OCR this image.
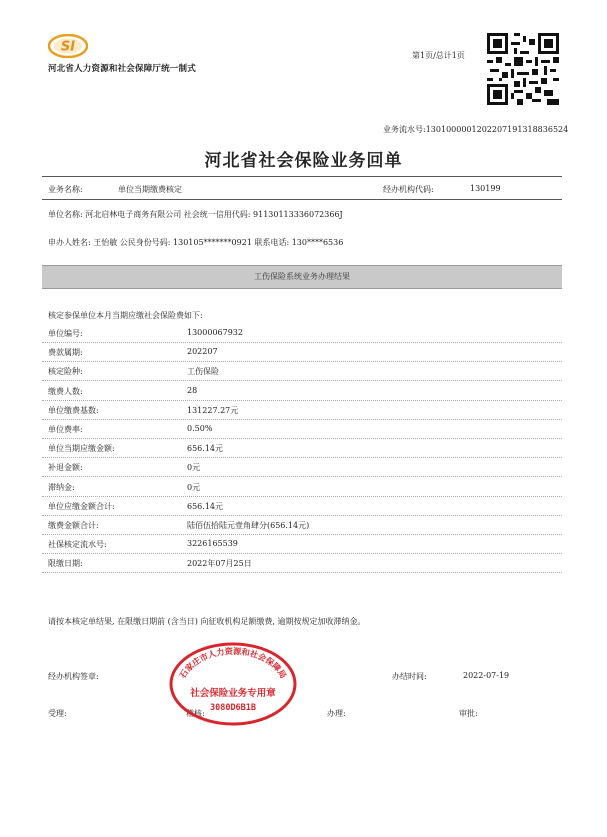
SI
河北省人力资源和社会保障厅统一制式
第1页/总计1页
业务流水号:130100000120220719131883652​4
河北省社会保险业务回单
业务名称:	单位当期缴费核定	经办机构代码:	130199
单位名称: 河北启林电子商务有限公司 社会统一信用代码: 91130113336072366J
申办人姓名: 王怡敏 公民身份号码: 130105*******0921 联系电话: 130****6536
工伤保险系统业务办理结果
核定参保单位本月当期应缴社会保险费如下:
单位编号:	13000067932
费款属期:	202207
核定险种:	工伤保险
缴费人数:	28
单位缴费基数:	131227.27元
单位费率:	0.50%
单位当期应缴金额:	656.14元
补退金额:	0元
滞纳金:	0元
单位应缴金额合计:	656.14元
缴费金额合计:	陆佰伍拾陆元壹角肆分(656.14元)
社保核定流水号:	3226165539
限缴日期:	2022年07月25日
请按本核定单结果, 在限缴日期前 (含当日) 向征收机构足额缴费, 逾期按规定加收滞纳金。
经办机构签章:	办结时间:	2022-07-19
受理:	稽核:	办理:	审批:
石家庄市人力资源和社会保障局
社会保险业务专用章
3080D6B1B
